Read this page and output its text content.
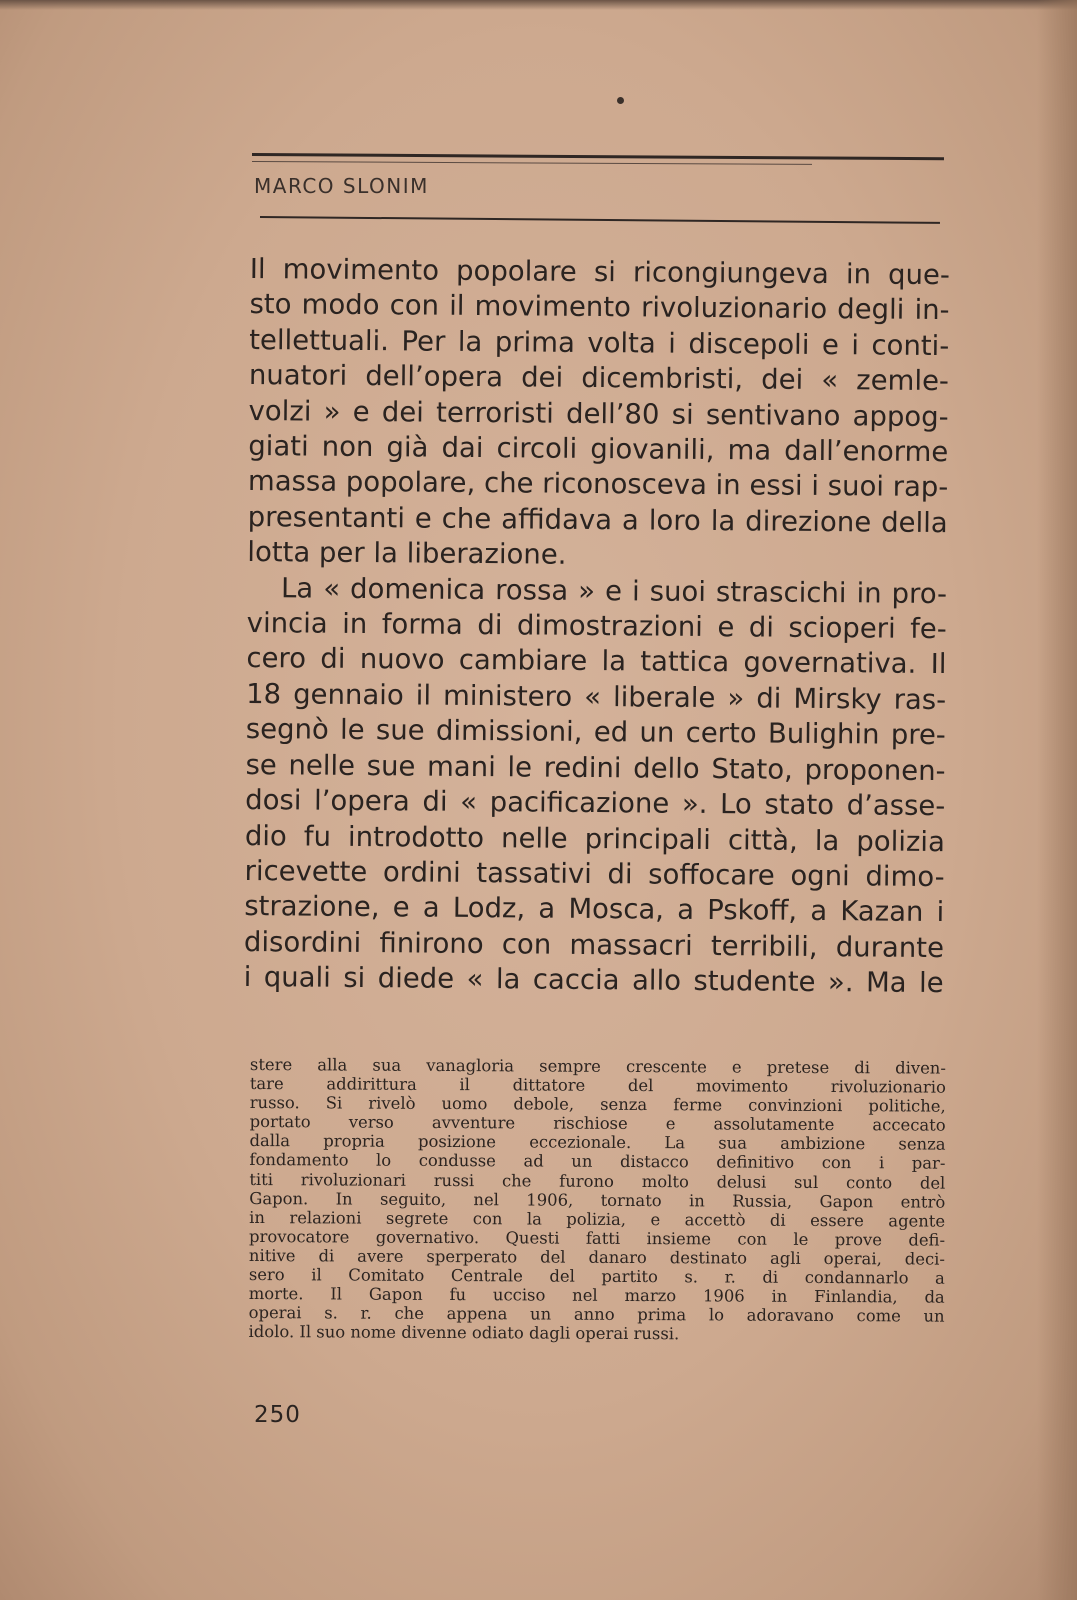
MARCO SLONIM
Il movimento popolare si ricongiungeva in que-
sto modo con il movimento rivoluzionario degli in-
tellettuali. Per la prima volta i discepoli e i conti-
nuatori dell’opera dei dicembristi, dei « zemle-
volzi » e dei terroristi dell’80 si sentivano appog-
giati non già dai circoli giovanili, ma dall’enorme
massa popolare, che riconosceva in essi i suoi rap-
presentanti e che affidava a loro la direzione della
lotta per la liberazione.
La « domenica rossa » e i suoi strascichi in pro-
vincia in forma di dimostrazioni e di scioperi fe-
cero di nuovo cambiare la tattica governativa. Il
18 gennaio il ministero « liberale » di Mirsky ras-
segnò le sue dimissioni, ed un certo Bulighin pre-
se nelle sue mani le redini dello Stato, proponen-
dosi l’opera di « pacificazione ». Lo stato d’asse-
dio fu introdotto nelle principali città, la polizia
ricevette ordini tassativi di soffocare ogni dimo-
strazione, e a Lodz, a Mosca, a Pskoff, a Kazan i
disordini finirono con massacri terribili, durante
i quali si diede « la caccia allo studente ». Ma le
stere alla sua vanagloria sempre crescente e pretese di diven-
tare addirittura il dittatore del movimento rivoluzionario
russo. Si rivelò uomo debole, senza ferme convinzioni politiche,
portato verso avventure rischiose e assolutamente accecato
dalla propria posizione eccezionale. La sua ambizione senza
fondamento lo condusse ad un distacco definitivo con i par-
titi rivoluzionari russi che furono molto delusi sul conto del
Gapon. In seguito, nel 1906, tornato in Russia, Gapon entrò
in relazioni segrete con la polizia, e accettò di essere agente
provocatore governativo. Questi fatti insieme con le prove defi-
nitive di avere sperperato del danaro destinato agli operai, deci-
sero il Comitato Centrale del partito s. r. di condannarlo a
morte. Il Gapon fu ucciso nel marzo 1906 in Finlandia, da
operai s. r. che appena un anno prima lo adoravano come un
idolo. Il suo nome divenne odiato dagli operai russi.
250
